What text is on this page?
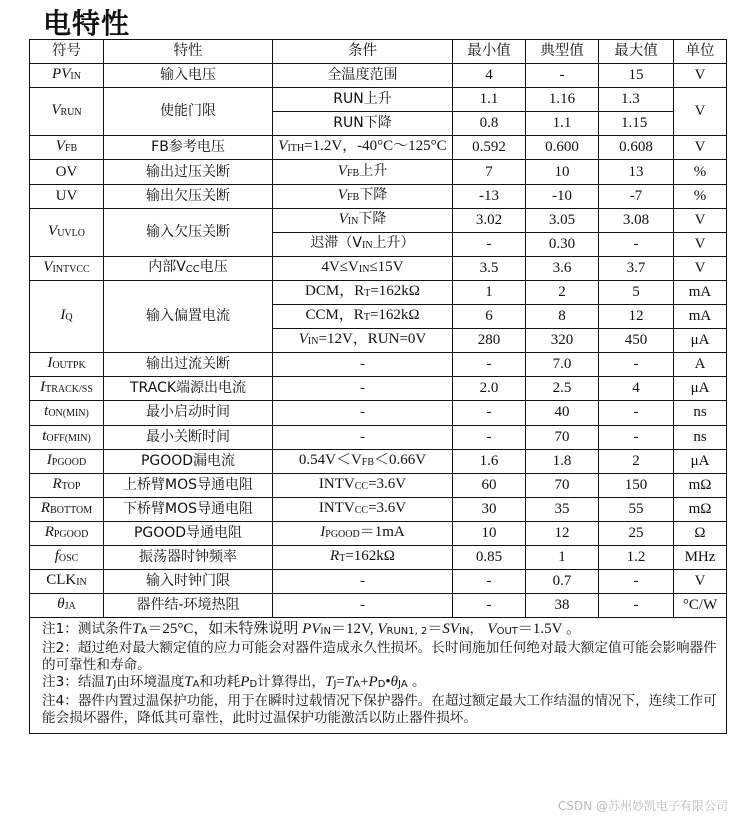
电特性
符号	特性	条件	最小值	典型值	最大值	单位
$PV_{IN}$	输入电压	全温度范围	4	-	15	V
$V_{RUN}$	使能门限	RUN上升	1.1	1.16	1.3	V
		RUN下降	0.8	1.1	1.15	
$V_{FB}$	FB参考电压	$V_{ITH}=1.2V$，-40°C～125°C	0.592	0.600	0.608	V
OV	输出过压关断	$V_{FB}$上升	7	10	13	%
UV	输出欠压关断	$V_{FB}$下降	-13	-10	-7	%
$V_{UVLO}$	输入欠压关断	$V_{IN}$下降	3.02	3.05	3.08	V
		迟滞（$V_{IN}$上升）	-	0.30	-	V
$V_{INTVCC}$	内部$V_{CC}$电压	$4V\le V_{IN}\le 15V$	3.5	3.6	3.7	V
$I_Q$	输入偏置电流	DCM，$R_T=162k\Omega$	1	2	5	mA
		CCM，$R_T=162k\Omega$	6	8	12	mA
		$V_{IN}=12V$，RUN=0V	280	320	450	μA
$I_{OUTPK}$	输出过流关断	-	-	7.0	-	A
$I_{TRACK/SS}$	TRACK端源出电流	-	2.0	2.5	4	μA
$t_{ON(MIN)}$	最小启动时间	-	-	40	-	ns
$t_{OFF(MIN)}$	最小关断时间	-	-	70	-	ns
$I_{PGOOD}$	PGOOD漏电流	$0.54V<V_{FB}<0.66V$	1.6	1.8	2	μA
$R_{TOP}$	上桥臂MOS导通电阻	$INTV_{CC}=3.6V$	60	70	150	mΩ
$R_{BOTTOM}$	下桥臂MOS导通电阻	$INTV_{CC}=3.6V$	30	35	55	mΩ
$R_{PGOOD}$	PGOOD导通电阻	$I_{PGOOD}=1mA$	10	12	25	Ω
$f_{OSC}$	振荡器时钟频率	$R_T=162k\Omega$	0.85	1	1.2	MHz
$CLK_{IN}$	输入时钟门限	-	-	0.7	-	V
$\theta_{JA}$	器件结-环境热阻	-	-	38	-	°C/W

注1：测试条件$T_A=25^\circ C$，如未特殊说明 $PV_{IN}=12V$, $V_{RUN1, 2}=SV_{IN}$， $V_{OUT}=1.5V$ 。
注2：超过绝对最大额定值的应力可能会对器件造成永久性损坏。长时间施加任何绝对最大额定值可能会影响器件的可靠性和寿命。
注3：结温$T_J$由环境温度$T_A$和功耗$P_D$计算得出，$T_J=T_A+P_D•\theta_{JA}$ 。
注4：器件内置过温保护功能，用于在瞬时过载情况下保护器件。在超过额定最大工作结温的情况下，连续工作可能会损坏器件，降低其可靠性，此时过温保护功能激活以防止器件损坏。						
CSDN @苏州妙凯电子有限公司
